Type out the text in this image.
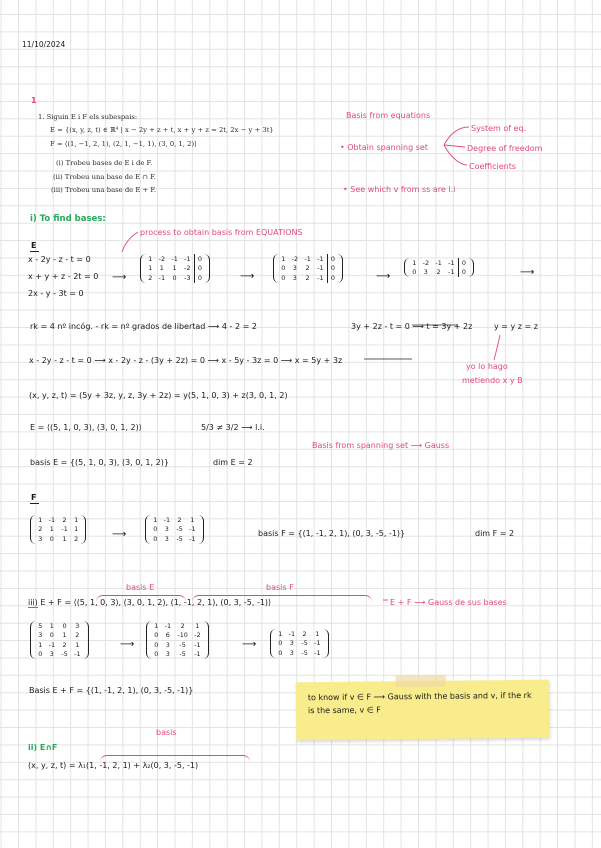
11/10/2024
1
1. Siguin E i F els subespais:
E = {(x, y, z, t) ∈ ℝ⁴ | x − 2y + z + t, x + y + z = 2t, 2x − y + 3t}
F = ⟨(1, −1, 2, 1), (2, 1, −1, 1), (3, 0, 1, 2)⟩
(i) Trobeu bases de E i de F.
(ii) Trobeu una base de E ∩ F.
(iii) Trobeu una base de E + F.
Basis from equations
• Obtain spanning set
System of eq.
Degree of freedom
Coefficients
• See which v from ss are l.i
i) To find bases:
process to obtain basis from EQUATIONS
E
x - 2y - z - t = 0
x + y + z - 2t = 0
2x - y - 3t = 0
⟶
1	-2	-1	-1	0
1	1	1	-2	0
2	-1	0	-3	0	⟶
1	-2	-1	-1	0
0	3	2	-1	0
0	3	2	-1	0	⟶
1	-2	-1	-1	0
0	3	2	-1	0	⟶
rk = 4 nº incóg. - rk = nº grados de libertad ⟶ 4 - 2 = 2	3y + 2z - t = 0 ⟶ t = 3y + 2z	y = y z = z
yo lo hago
metiendo x y B
x - 2y - z - t = 0 ⟶ x - 2y - z - (3y + 2z) = 0 ⟶ x - 5y - 3z = 0 ⟶ x = 5y + 3z
(x, y, z, t) = (5y + 3z, y, z, 3y + 2z) = y(5, 1, 0, 3) + z(3, 0, 1, 2)
E = ⟨(5, 1, 0, 3), (3, 0, 1, 2)⟩	5/3 ≠ 3/2 ⟶ l.i.
Basis from spanning set ⟶ Gauss
basis E = {(5, 1, 0, 3), (3, 0, 1, 2)}	dim E = 2
F
1	-1	2	1
2	1	-1	1
3	0	1	2	⟶
1	-1	2	1
0	3	-5	-1
0	3	-5	-1
basis F = {(1, -1, 2, 1), (0, 3, -5, -1)}	dim F = 2
basis E	basis F
iii) E + F = ⟨(5, 1, 0, 3), (3, 0, 1, 2), (1, -1, 2, 1), (0, 3, -5, -1)⟩	E + F ⟶ Gauss de sus bases
5	1	0	3
3	0	1	2
1	-1	2	1
0	3	-5	-1
⟶
1	-1	2	1
0	6	-10	-2
0	3	-5	-1
0	3	-5	-1
⟶
1	-1	2	1
0	3	-5	-1
0	3	-5	-1
Basis E + F = {(1, -1, 2, 1), (0, 3, -5, -1)}
to know if v ∈ F ⟶ Gauss with the basis and v, if the rk is the same, v ∈ F
basis
ii) E∩F
(x, y, z, t) = λ₁(1, -1, 2, 1) + λ₂(0, 3, -5, -1)
